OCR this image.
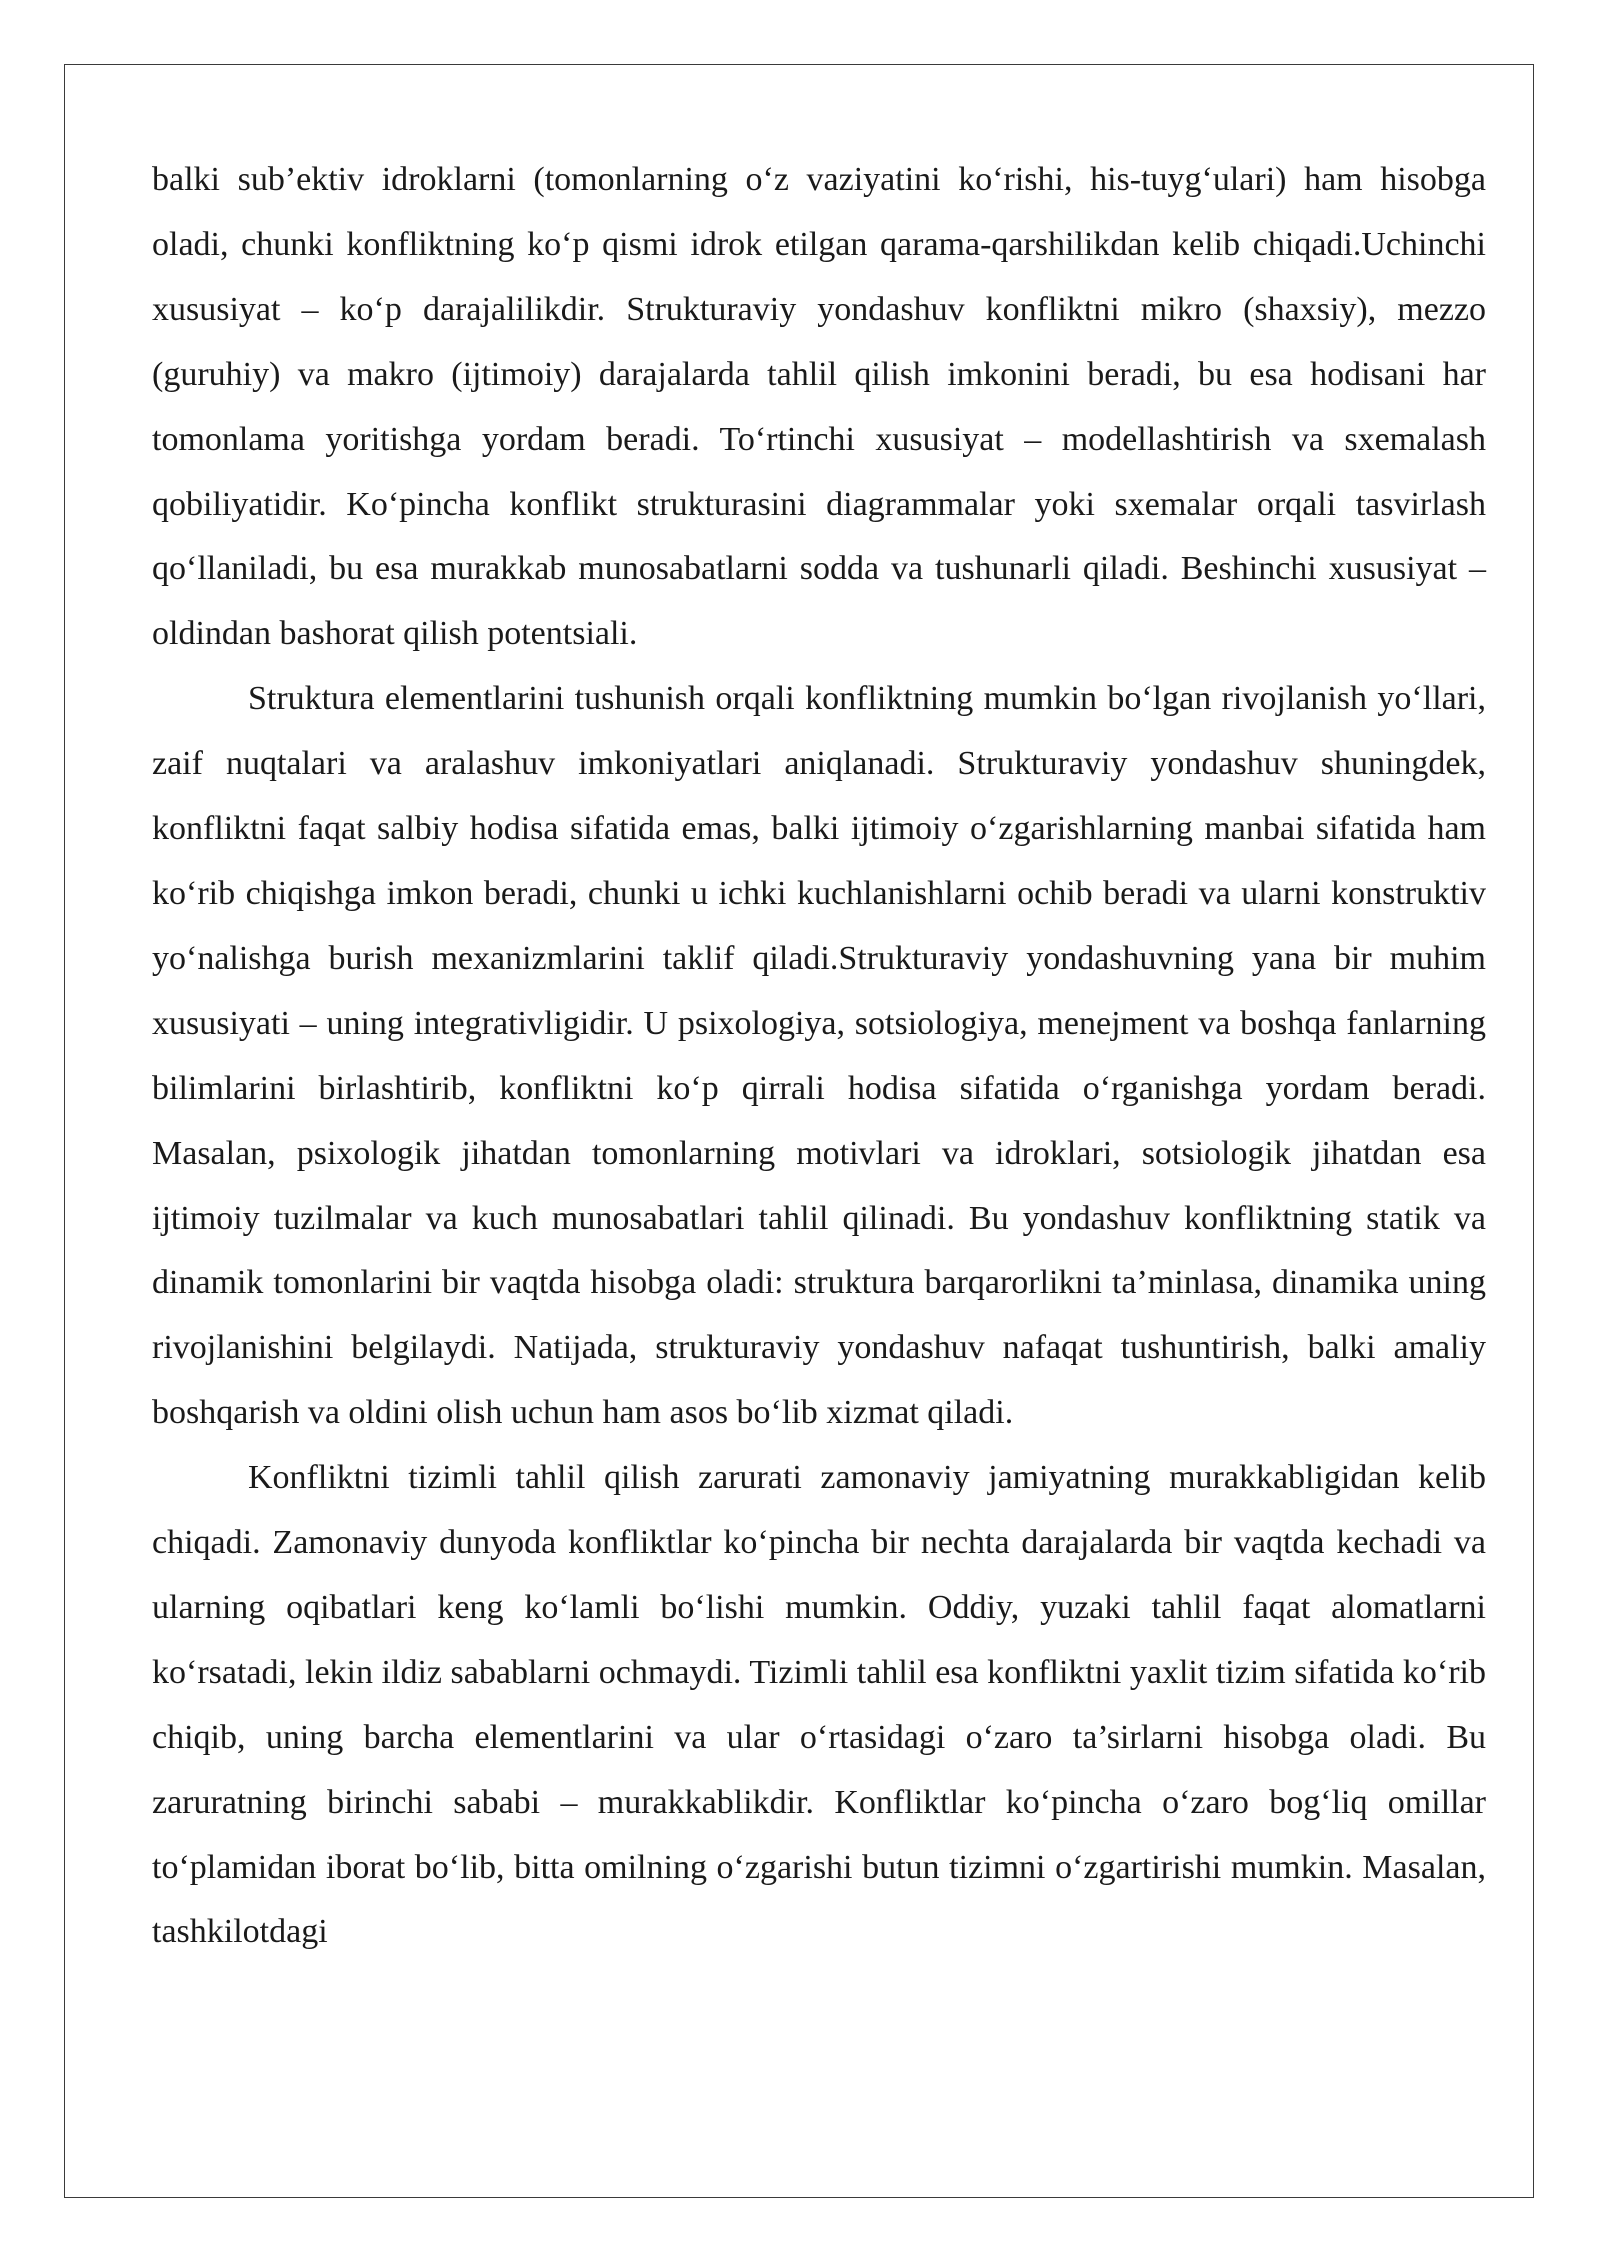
balki sub’ektiv idroklarni (tomonlarning o‘z vaziyatini ko‘rishi, his-tuyg‘ulari) ham hisobga oladi, chunki konfliktning ko‘p qismi idrok etilgan qarama-qarshilikdan kelib chiqadi.Uchinchi xususiyat – ko‘p darajalilikdir. Strukturaviy yondashuv konfliktni mikro (shaxsiy), mezzo (guruhiy) va makro (ijtimoiy) darajalarda tahlil qilish imkonini beradi, bu esa hodisani har tomonlama yoritishga yordam beradi. To‘rtinchi xususiyat – modellashtirish va sxemalash qobiliyatidir. Ko‘pincha konflikt strukturasini diagrammalar yoki sxemalar orqali tasvirlash qo‘llaniladi, bu esa murakkab munosabatlarni sodda va tushunarli qiladi. Beshinchi xususiyat – oldindan bashorat qilish potentsiali.

Struktura elementlarini tushunish orqali konfliktning mumkin bo‘lgan rivojlanish yo‘llari, zaif nuqtalari va aralashuv imkoniyatlari aniqlanadi. Strukturaviy yondashuv shuningdek, konfliktni faqat salbiy hodisa sifatida emas, balki ijtimoiy o‘zgarishlarning manbai sifatida ham ko‘rib chiqishga imkon beradi, chunki u ichki kuchlanishlarni ochib beradi va ularni konstruktiv yo‘nalishga burish mexanizmlarini taklif qiladi.Strukturaviy yondashuvning yana bir muhim xususiyati – uning integrativligidir. U psixologiya, sotsiologiya, menejment va boshqa fanlarning bilimlarini birlashtirib, konfliktni ko‘p qirrali hodisa sifatida o‘rganishga yordam beradi. Masalan, psixologik jihatdan tomonlarning motivlari va idroklari, sotsiologik jihatdan esa ijtimoiy tuzilmalar va kuch munosabatlari tahlil qilinadi. Bu yondashuv konfliktning statik va dinamik tomonlarini bir vaqtda hisobga oladi: struktura barqarorlikni ta’minlasa, dinamika uning rivojlanishini belgilaydi. Natijada, strukturaviy yondashuv nafaqat tushuntirish, balki amaliy boshqarish va oldini olish uchun ham asos bo‘lib xizmat qiladi.

Konfliktni tizimli tahlil qilish zarurati zamonaviy jamiyatning murakkabligidan kelib chiqadi. Zamonaviy dunyoda konfliktlar ko‘pincha bir nechta darajalarda bir vaqtda kechadi va ularning oqibatlari keng ko‘lamli bo‘lishi mumkin. Oddiy, yuzaki tahlil faqat alomatlarni ko‘rsatadi, lekin ildiz sabablarni ochmaydi. Tizimli tahlil esa konfliktni yaxlit tizim sifatida ko‘rib chiqib, uning barcha elementlarini va ular o‘rtasidagi o‘zaro ta’sirlarni hisobga oladi. Bu zaruratning birinchi sababi – murakkablikdir. Konfliktlar ko‘pincha o‘zaro bog‘liq omillar to‘plamidan iborat bo‘lib, bitta omilning o‘zgarishi butun tizimni o‘zgartirishi mumkin. Masalan, tashkilotdagi
